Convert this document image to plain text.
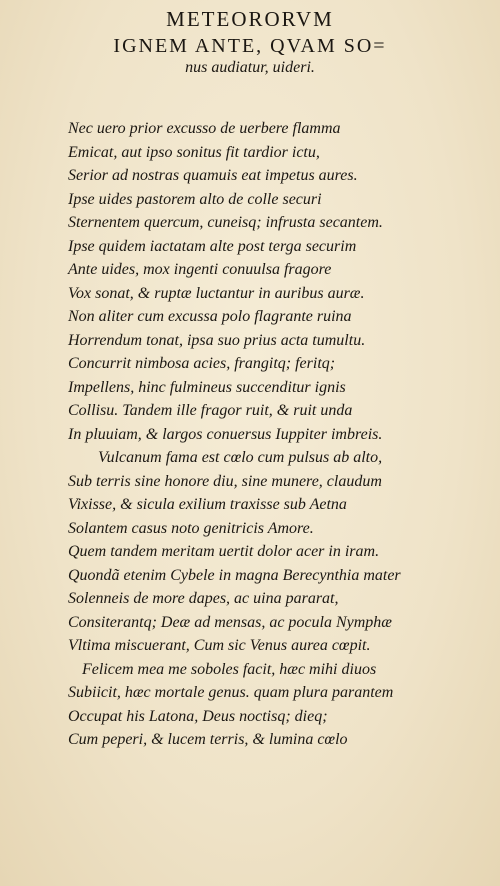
METEORORVM
IGNEM ANTE, QVAM SO=
nus audiatur, uideri.
Nec uero prior excusso de uerbere flamma
Emicat, aut ipso sonitus fit tardior ictu,
Serior ad nostras quamuis eat impetus aures.
Ipse uides pastorem alto de colle securi
Sternentem quercum, cuneisq; infrusta secantem.
Ipse quidem iactatam alte post terga securim
Ante uides, mox ingenti conuulsa fragore
Vox sonat, & ruptæ luctantur in auribus auræ.
Non aliter cum excussa polo flagrante ruina
Horrendum tonat, ipsa suo prius acta tumultu.
Concurrit nimbosa acies, frangitq; feritq;
Impellens, hinc fulmineus succenditur ignis
Collisu. Tandem ille fragor ruit, & ruit unda
In pluuiam, & largos conuersus Iuppiter imbreis.
Vulcanum fama est cœlo cum pulsus ab alto,
Sub terris sine honore diu, sine munere, claudum
Vixisse, & sicula exilium traxisse sub Aetna
Solantem casus noto genitricis Amore.
Quem tandem meritam uertit dolor acer in iram.
Quondã etenim Cybele in magna Berecynthia mater
Solenneis de more dapes, ac uina pararat,
Consiterantq; Deæ ad mensas, ac pocula Nymphæ
Vltima miscuerant, Cum sic Venus aurea cœpit.
Felicem mea me soboles facit, hæc mihi diuos
Subiicit, hæc mortale genus. quam plura parantem
Occupat his Latona, Deus noctisq; dieq;
Cum peperi, & lucem terris, & lumina cœlo
